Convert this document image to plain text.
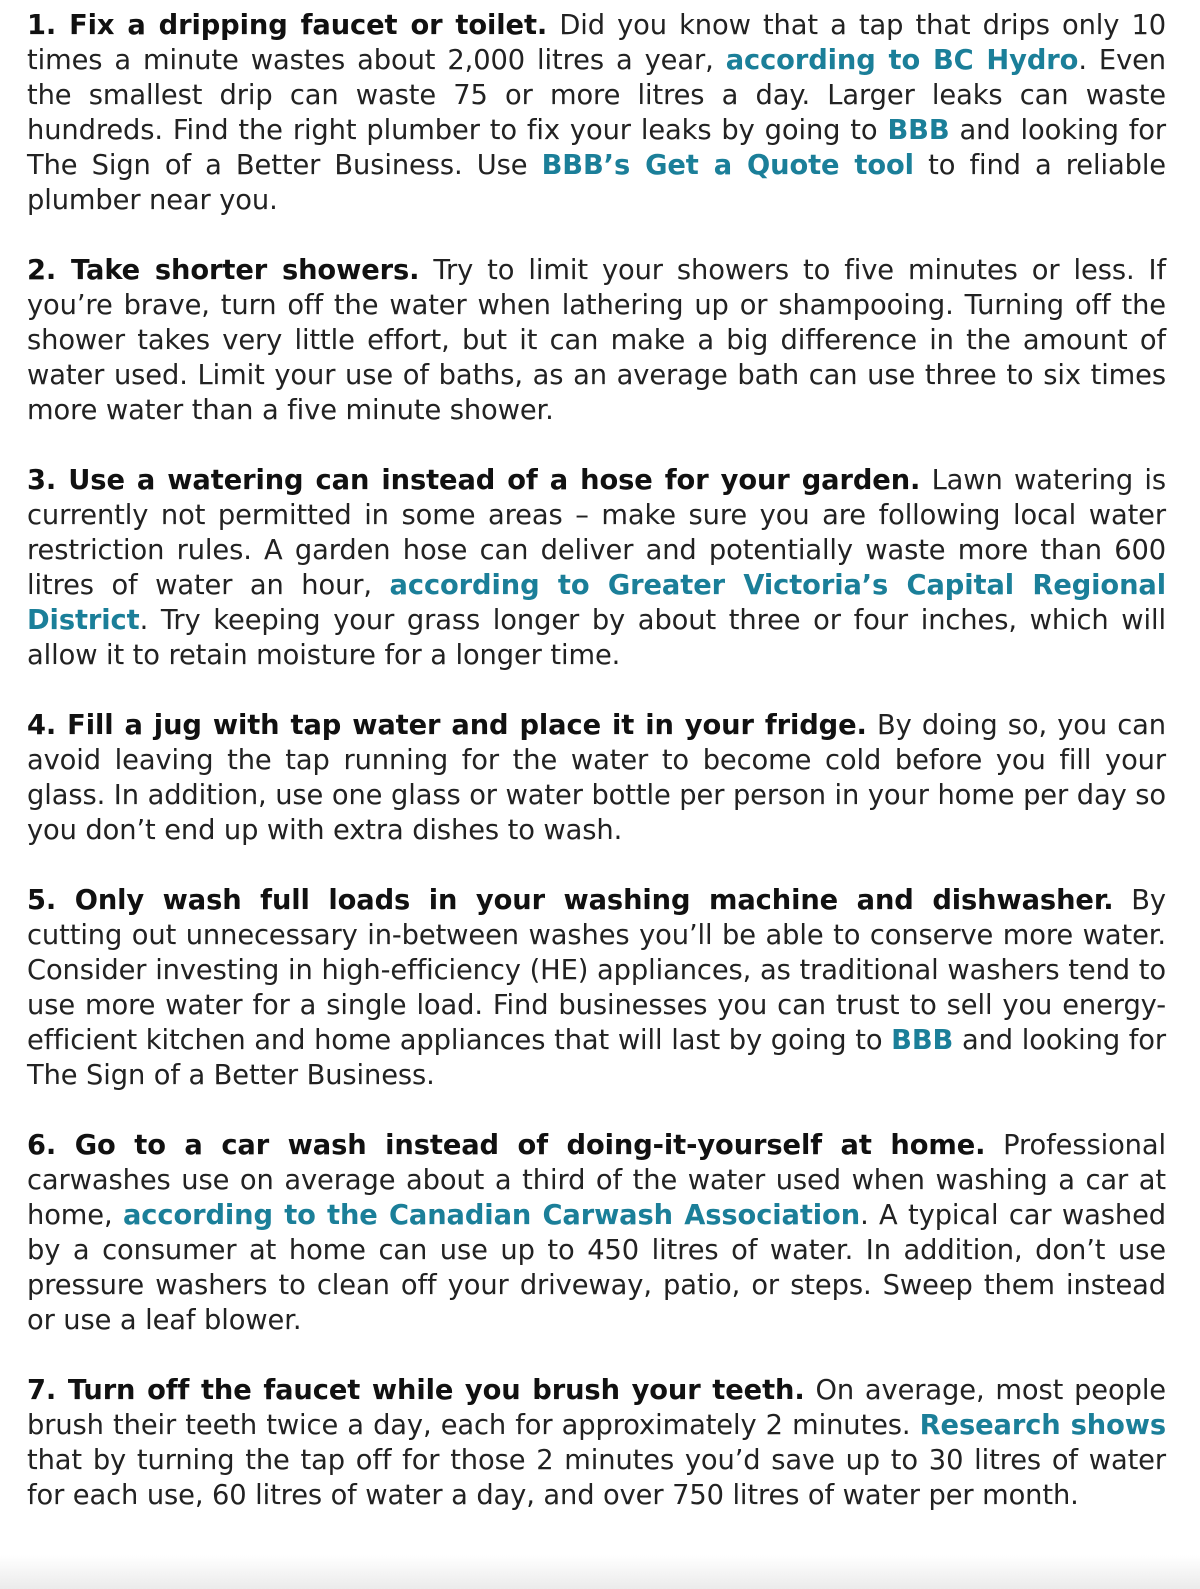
1. Fix a dripping faucet or toilet. Did you know that a tap that drips only 10 times a minute wastes about 2,000 litres a year, according to BC Hydro. Even the smallest drip can waste 75 or more litres a day. Larger leaks can waste hundreds. Find the right plumber to fix your leaks by going to BBB and looking for The Sign of a Better Business. Use BBB’s Get a Quote tool to find a reliable plumber near you.
2. Take shorter showers. Try to limit your showers to five minutes or less. If you’re brave, turn off the water when lathering up or shampooing. Turning off the shower takes very little effort, but it can make a big difference in the amount of water used. Limit your use of baths, as an average bath can use three to six times more water than a five minute shower.
3. Use a watering can instead of a hose for your garden. Lawn watering is currently not permitted in some areas – make sure you are following local water restriction rules. A garden hose can deliver and potentially waste more than 600 litres of water an hour, according to Greater Victoria’s Capital Regional District. Try keeping your grass longer by about three or four inches, which will allow it to retain moisture for a longer time.
4. Fill a jug with tap water and place it in your fridge. By doing so, you can avoid leaving the tap running for the water to become cold before you fill your glass. In addition, use one glass or water bottle per person in your home per day so you don’t end up with extra dishes to wash.
5. Only wash full loads in your washing machine and dishwasher. By cutting out unnecessary in-between washes you’ll be able to conserve more water. Consider investing in high-efficiency (HE) appliances, as traditional washers tend to use more water for a single load. Find businesses you can trust to sell you energy-efficient kitchen and home appliances that will last by going to BBB and looking for The Sign of a Better Business.
6. Go to a car wash instead of doing-it-yourself at home. Professional carwashes use on average about a third of the water used when washing a car at home, according to the Canadian Carwash Association. A typical car washed by a consumer at home can use up to 450 litres of water. In addition, don’t use pressure washers to clean off your driveway, patio, or steps. Sweep them instead or use a leaf blower.
7. Turn off the faucet while you brush your teeth. On average, most people brush their teeth twice a day, each for approximately 2 minutes. Research shows that by turning the tap off for those 2 minutes you’d save up to 30 litres of water for each use, 60 litres of water a day, and over 750 litres of water per month.
